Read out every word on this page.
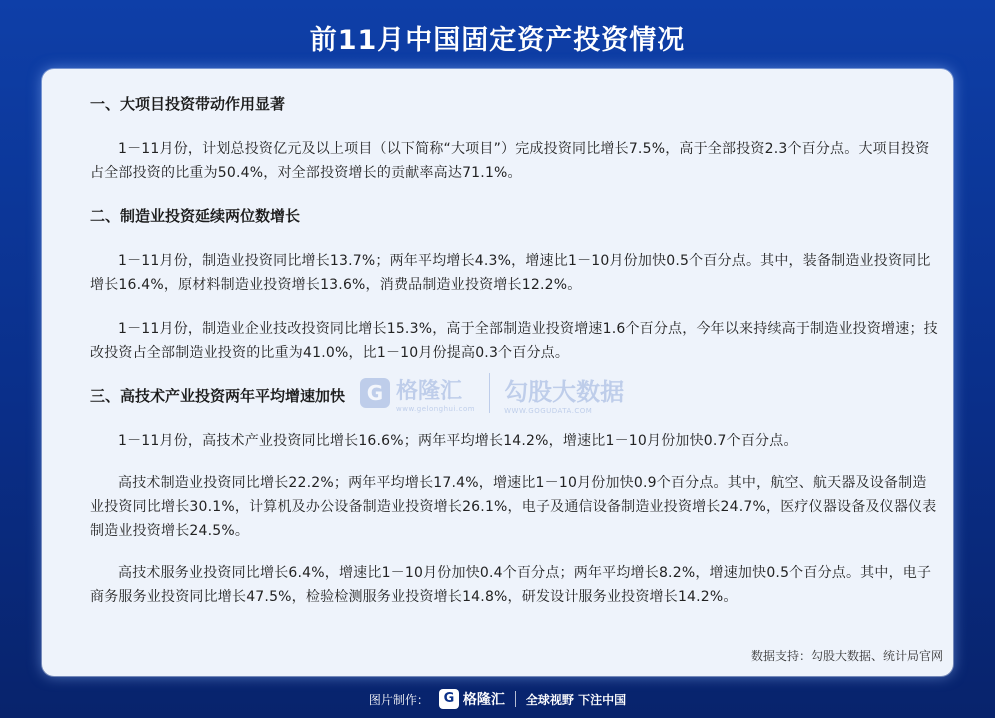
前11月中国固定资产投资情况
一、大项目投资带动作用显著

1－11月份，计划总投资亿元及以上项目（以下简称“大项目”）完成投资同比增长7.5%，高于全部投资2.3个百分点。大项目投资占全部投资的比重为50.4%，对全部投资增长的贡献率高达71.1%。

二、制造业投资延续两位数增长

1－11月份，制造业投资同比增长13.7%；两年平均增长4.3%，增速比1－10月份加快0.5个百分点。其中，装备制造业投资同比增长16.4%，原材料制造业投资增长13.6%，消费品制造业投资增长12.2%。

1－11月份，制造业企业技改投资同比增长15.3%，高于全部制造业投资增速1.6个百分点，今年以来持续高于制造业投资增速；技改投资占全部制造业投资的比重为41.0%，比1－10月份提高0.3个百分点。

三、高技术产业投资两年平均增速加快

1－11月份，高技术产业投资同比增长16.6%；两年平均增长14.2%，增速比1－10月份加快0.7个百分点。

高技术制造业投资同比增长22.2%；两年平均增长17.4%，增速比1－10月份加快0.9个百分点。其中，航空、航天器及设备制造业投资同比增长30.1%，计算机及办公设备制造业投资增长26.1%，电子及通信设备制造业投资增长24.7%，医疗仪器设备及仪器仪表制造业投资增长24.5%。

高技术服务业投资同比增长6.4%，增速比1－10月份加快0.4个百分点；两年平均增长8.2%，增速加快0.5个百分点。其中，电子商务服务业投资同比增长47.5%，检验检测服务业投资增长14.8%，研发设计服务业投资增长14.2%。

G 格隆汇
www.gelonghui.com
勾股大数据
WWW.GOGUDATA.COM
数据支持：勾股大数据、统计局官网
图片制作：	G 格隆汇 全球视野 下注中国
